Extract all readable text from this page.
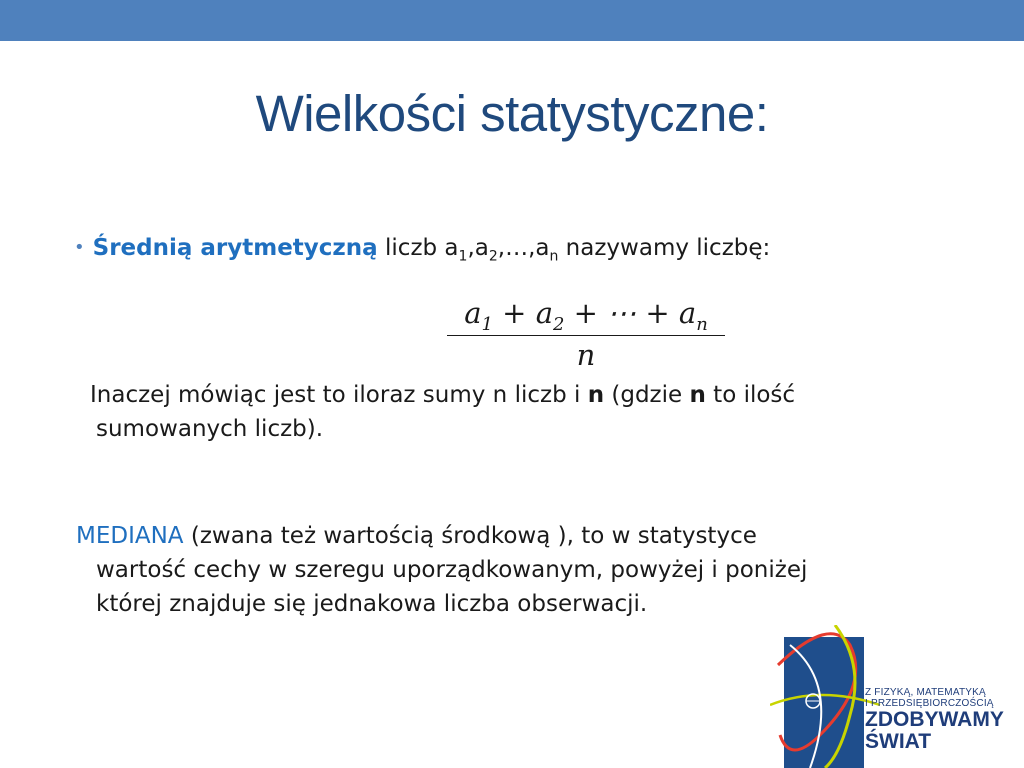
Wielkości statystyczne:
• Średnią arytmetyczną liczb $a_1,a_2,\dots,a_n$ nazywamy liczbę:
$a_1 + a_2$ + ⋯ + $a_n$
n
Inaczej mówiąc jest to iloraz sumy n liczb i n (gdzie n to ilość
sumowanych liczb).
MEDIANA (zwana też wartością środkową ), to w statystyce
wartość cechy w szeregu uporządkowanym, powyżej i poniżej
której znajduje się jednakowa liczba obserwacji.
Z FIZYKĄ, MATEMATYKĄ
I PRZEDSIĘBIORCZOŚCIĄ
ZDOBYWAMY
ŚWIAT
